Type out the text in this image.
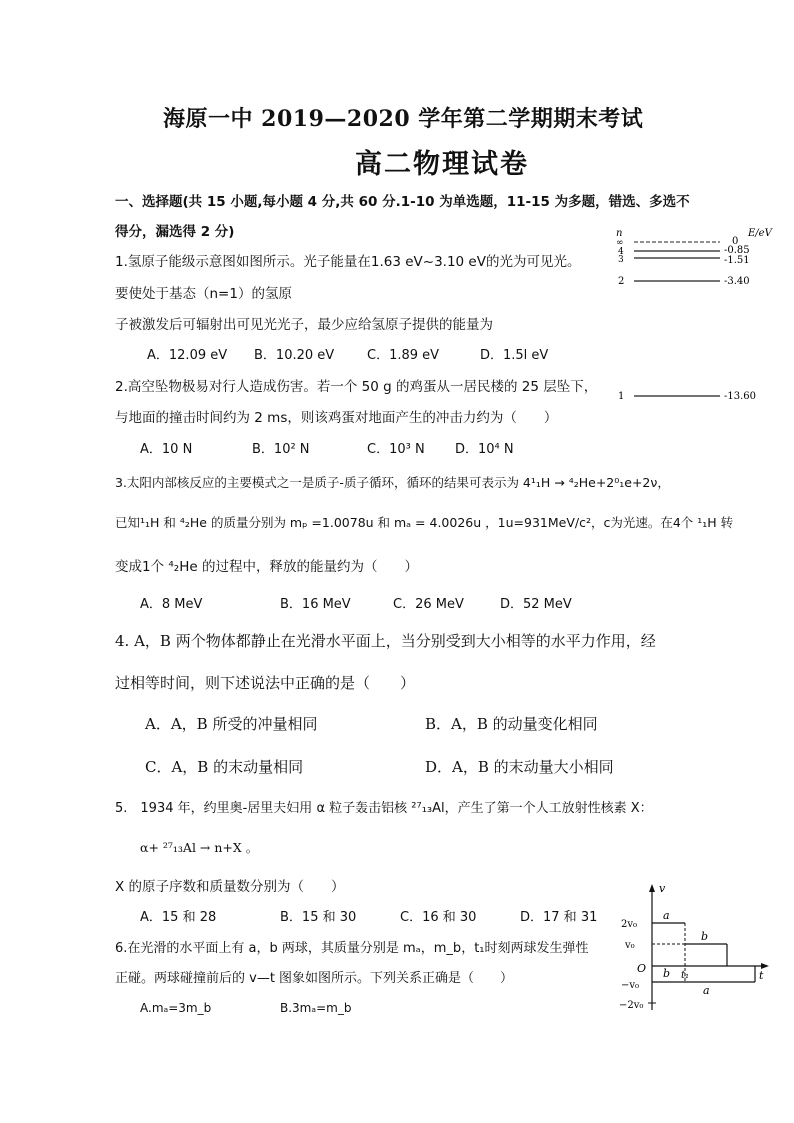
海原一中 2019—2020 学年第二学期期末考试
高二物理试卷
一、选择题(共 15 小题,每小题 4 分,共 60 分.1-10 为单选题，11-15 为多题，错选、多选不
得分，漏选得 2 分)
1.氢原子能级示意图如图所示。光子能量在1.63 eV~3.10 eV的光为可见光。
要使处于基态（n=1）的氢原
子被激发后可辐射出可见光光子，最少应给氢原子提供的能量为
A．12.09 eV B．10.20 eV	C．1.89 eV	D．1.5l eV
n	E/eV
∞	0
4	-0.85
3	-1.51
2	-3.40
1	-13.60
2.高空坠物极易对行人造成伤害。若一个 50 g 的鸡蛋从一居民楼的 25 层坠下，
与地面的撞击时间约为 2 ms，则该鸡蛋对地面产生的冲击力约为（　　）
A．10 N	B．10² N	C．10³ N D．10⁴ N
3.太阳内部核反应的主要模式之一是质子-质子循环，循环的结果可表示为 4¹₁H → ⁴₂He+2⁰₁e+2ν，
已知¹₁H 和 ⁴₂He 的质量分别为 mₚ =1.0078u 和 mₐ = 4.0026u ，1u=931MeV/c²，c为光速。在4个 ¹₁H 转
变成1个 ⁴₂He 的过程中，释放的能量约为（　　）
A．8 MeV	B．16 MeV	C．26 MeV	D．52 MeV
4. A，B 两个物体都静止在光滑水平面上，当分别受到大小相等的水平力作用，经
过相等时间，则下述说法中正确的是（　　）
A．A，B 所受的冲量相同	B．A，B 的动量变化相同
C．A，B 的末动量相同	D．A，B 的末动量大小相同
5.　1934 年，约里奥-居里夫妇用 α 粒子轰击铝核 ²⁷₁₃Al，产生了第一个人工放射性核素 X：
α+ ²⁷₁₃Al → n+X 。
X 的原子序数和质量数分别为（　　）
A．15 和 28	B．15 和 30	C．16 和 30	D．17 和 31
6.在光滑的水平面上有 a，b 两球，其质量分别是 mₐ，m_b，t₁时刻两球发生弹性
正碰。两球碰撞前后的 v—t 图象如图所示。下列关系正确是（　　）
A.mₐ=3m_b	B.3mₐ=m_b
v
t
O
2v₀
v₀
−v₀
−2v₀
a
b
b t₁
a
